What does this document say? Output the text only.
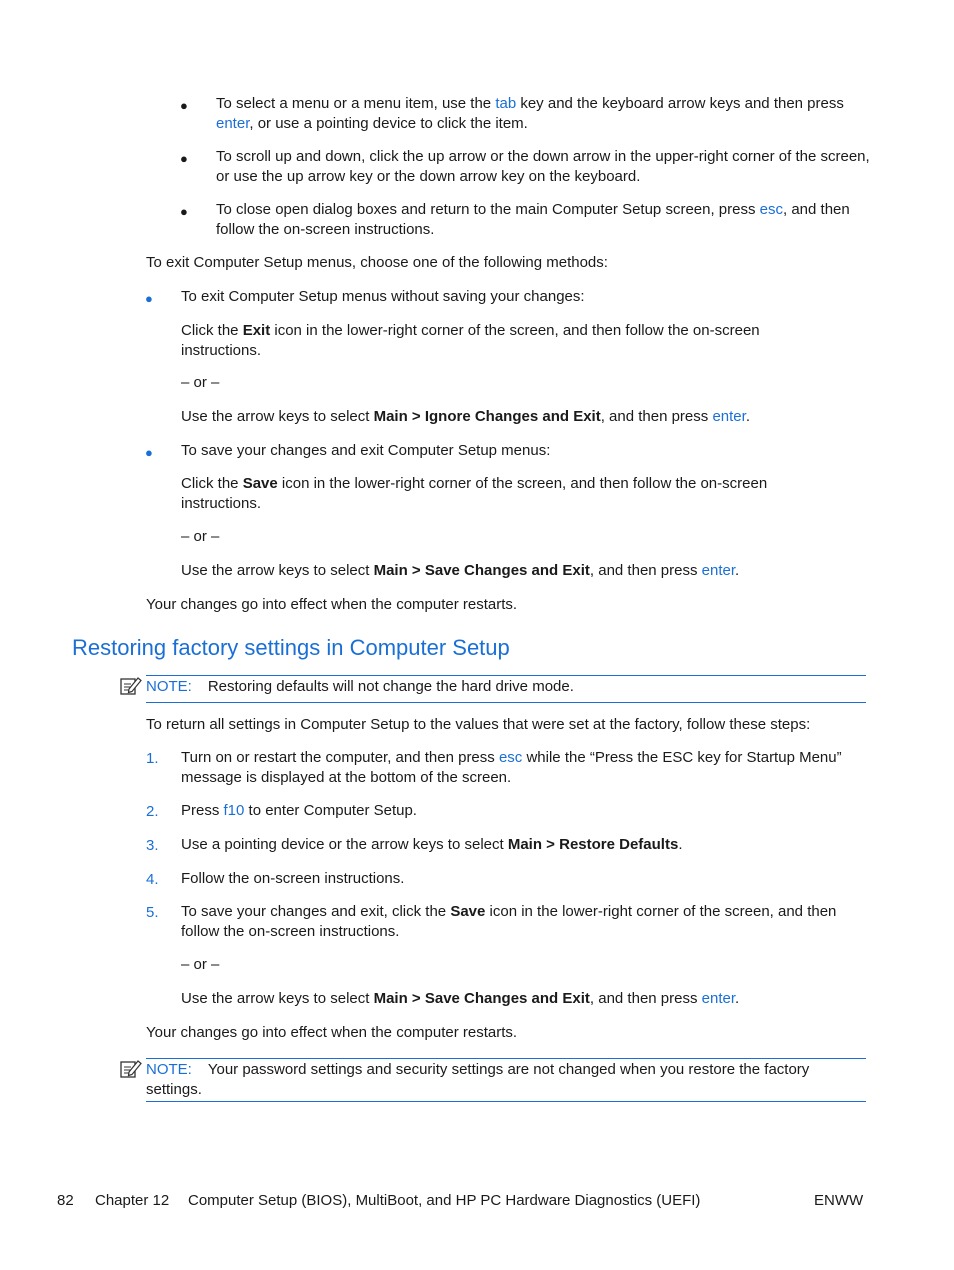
● To select a menu or a menu item, use the tab key and the keyboard arrow keys and then press enter, or use a pointing device to click the item.
● To scroll up and down, click the up arrow or the down arrow in the upper-right corner of the screen, or use the up arrow key or the down arrow key on the keyboard.
● To close open dialog boxes and return to the main Computer Setup screen, press esc, and then follow the on-screen instructions.
To exit Computer Setup menus, choose one of the following methods:
● To exit Computer Setup menus without saving your changes:
Click the Exit icon in the lower-right corner of the screen, and then follow the on-screen instructions.
– or –
Use the arrow keys to select Main > Ignore Changes and Exit, and then press enter.
● To save your changes and exit Computer Setup menus:
Click the Save icon in the lower-right corner of the screen, and then follow the on-screen instructions.
– or –
Use the arrow keys to select Main > Save Changes and Exit, and then press enter.
Your changes go into effect when the computer restarts.
Restoring factory settings in Computer Setup
NOTE: Restoring defaults will not change the hard drive mode.
To return all settings in Computer Setup to the values that were set at the factory, follow these steps:
1. Turn on or restart the computer, and then press esc while the “Press the ESC key for Startup Menu” message is displayed at the bottom of the screen.
2. Press f10 to enter Computer Setup.
3. Use a pointing device or the arrow keys to select Main > Restore Defaults.
4. Follow the on-screen instructions.
5. To save your changes and exit, click the Save icon in the lower-right corner of the screen, and then follow the on-screen instructions.
– or –
Use the arrow keys to select Main > Save Changes and Exit, and then press enter.
Your changes go into effect when the computer restarts.
NOTE: Your password settings and security settings are not changed when you restore the factory settings.
82 Chapter 12 Computer Setup (BIOS), MultiBoot, and HP PC Hardware Diagnostics (UEFI)	ENWW
